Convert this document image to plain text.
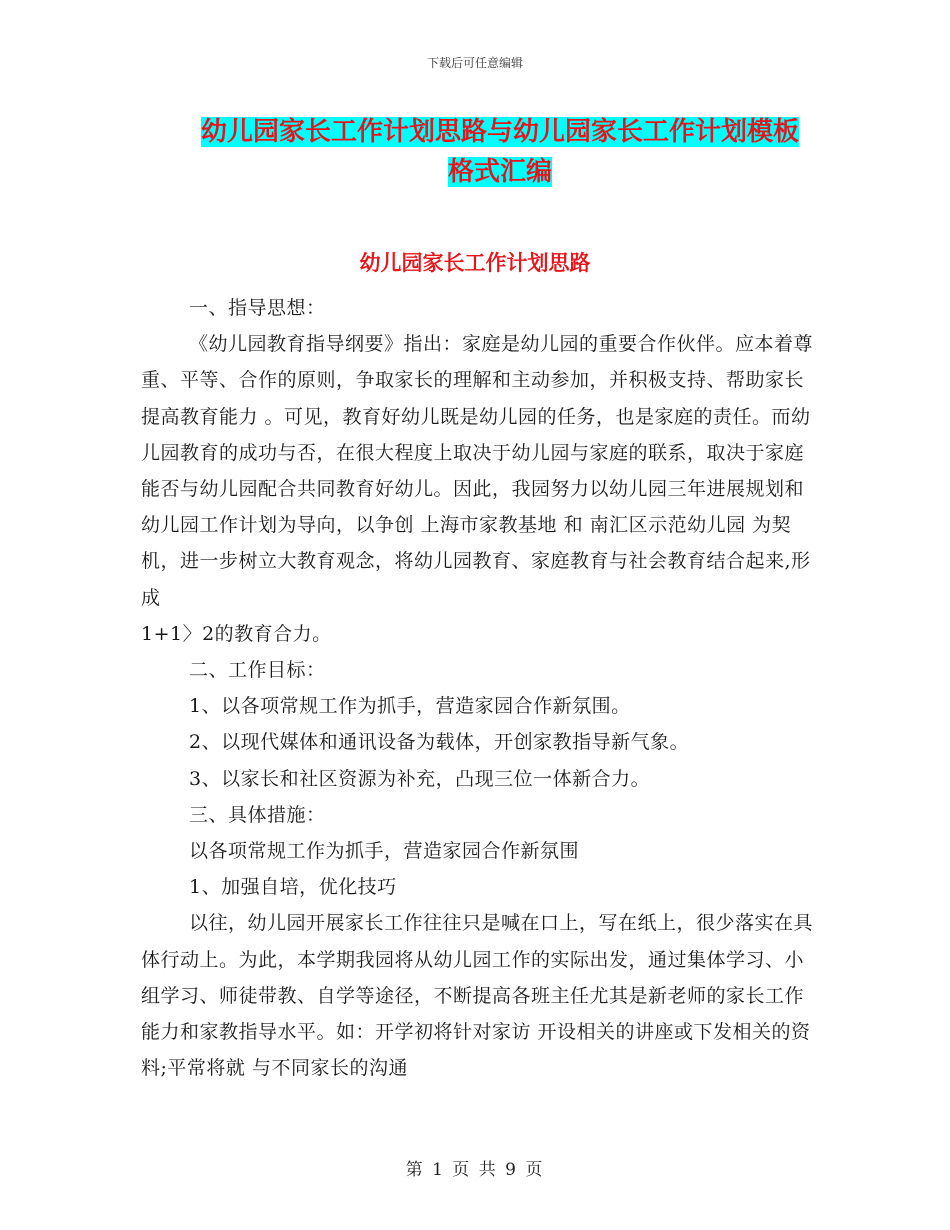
下载后可任意编辑
幼儿园家长工作计划思路与幼儿园家长工作计划模板
格式汇编
幼儿园家长工作计划思路

一、指导思想：

《幼儿园教育指导纲要》指出：家庭是幼儿园的重要合作伙伴。应本着尊重、平等、合作的原则，争取家长的理解和主动参加，并积极支持、帮助家长提高教育能力 。可见，教育好幼儿既是幼儿园的任务，也是家庭的责任。而幼儿园教育的成功与否，在很大程度上取决于幼儿园与家庭的联系，取决于家庭能否与幼儿园配合共同教育好幼儿。因此，我园努力以幼儿园三年进展规划和幼儿园工作计划为导向，以争创 上海市家教基地 和 南汇区示范幼儿园 为契机，进一步树立大教育观念，将幼儿园教育、家庭教育与社会教育结合起来,形成

1+1〉2的教育合力。

二、工作目标：

1、以各项常规工作为抓手，营造家园合作新氛围。

2、以现代媒体和通讯设备为载体，开创家教指导新气象。

3、以家长和社区资源为补充，凸现三位一体新合力。

三、具体措施：

以各项常规工作为抓手，营造家园合作新氛围

1、加强自培，优化技巧

以往，幼儿园开展家长工作往往只是喊在口上，写在纸上，很少落实在具体行动上。为此，本学期我园将从幼儿园工作的实际出发，通过集体学习、小组学习、师徒带教、自学等途径，不断提高各班主任尤其是新老师的家长工作能力和家教指导水平。如：开学初将针对家访 开设相关的讲座或下发相关的资料;平常将就 与不同家长的沟通

第 1 页 共 9 页
